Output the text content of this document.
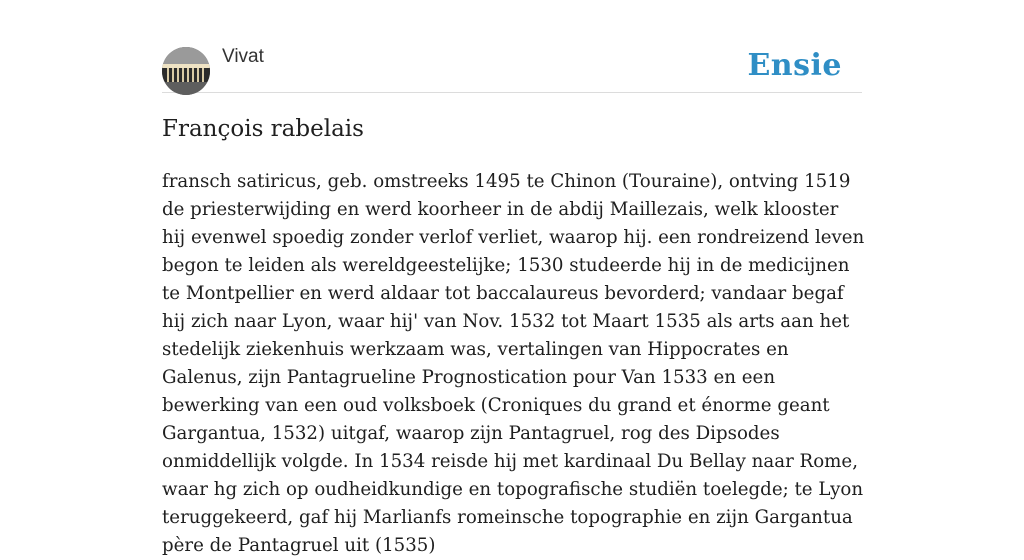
Vivat	Ensie
François rabelais

fransch satiricus, geb. omstreeks 1495 te Chinon (Touraine), ontving 1519 de priesterwijding en werd koorheer in de abdij Maillezais, welk klooster hij evenwel spoedig zonder verlof verliet, waarop hij. een rondreizend leven begon te leiden als wereldgeestelijke; 1530 studeerde hij in de medicijnen te Montpellier en werd aldaar tot baccalaureus bevorderd; vandaar begaf hij zich naar Lyon, waar hij' van Nov. 1532 tot Maart 1535 als arts aan het stedelijk ziekenhuis werkzaam was, vertalingen van Hippocrates en Galenus, zijn Pantagrueline Prognostication pour Van 1533 en een bewerking van een oud volksboek (Croniques du grand et énorme geant Gargantua, 1532) uitgaf, waarop zijn Pantagruel, rog des Dipsodes onmiddellijk volgde. In 1534 reisde hij met kardinaal Du Bellay naar Rome, waar hg zich op oudheidkundige en topografische studiën toelegde; te Lyon teruggekeerd, gaf hij Marlianfs romeinsche topographie en zijn Gargantua père de Pantagruel uit (1535)
